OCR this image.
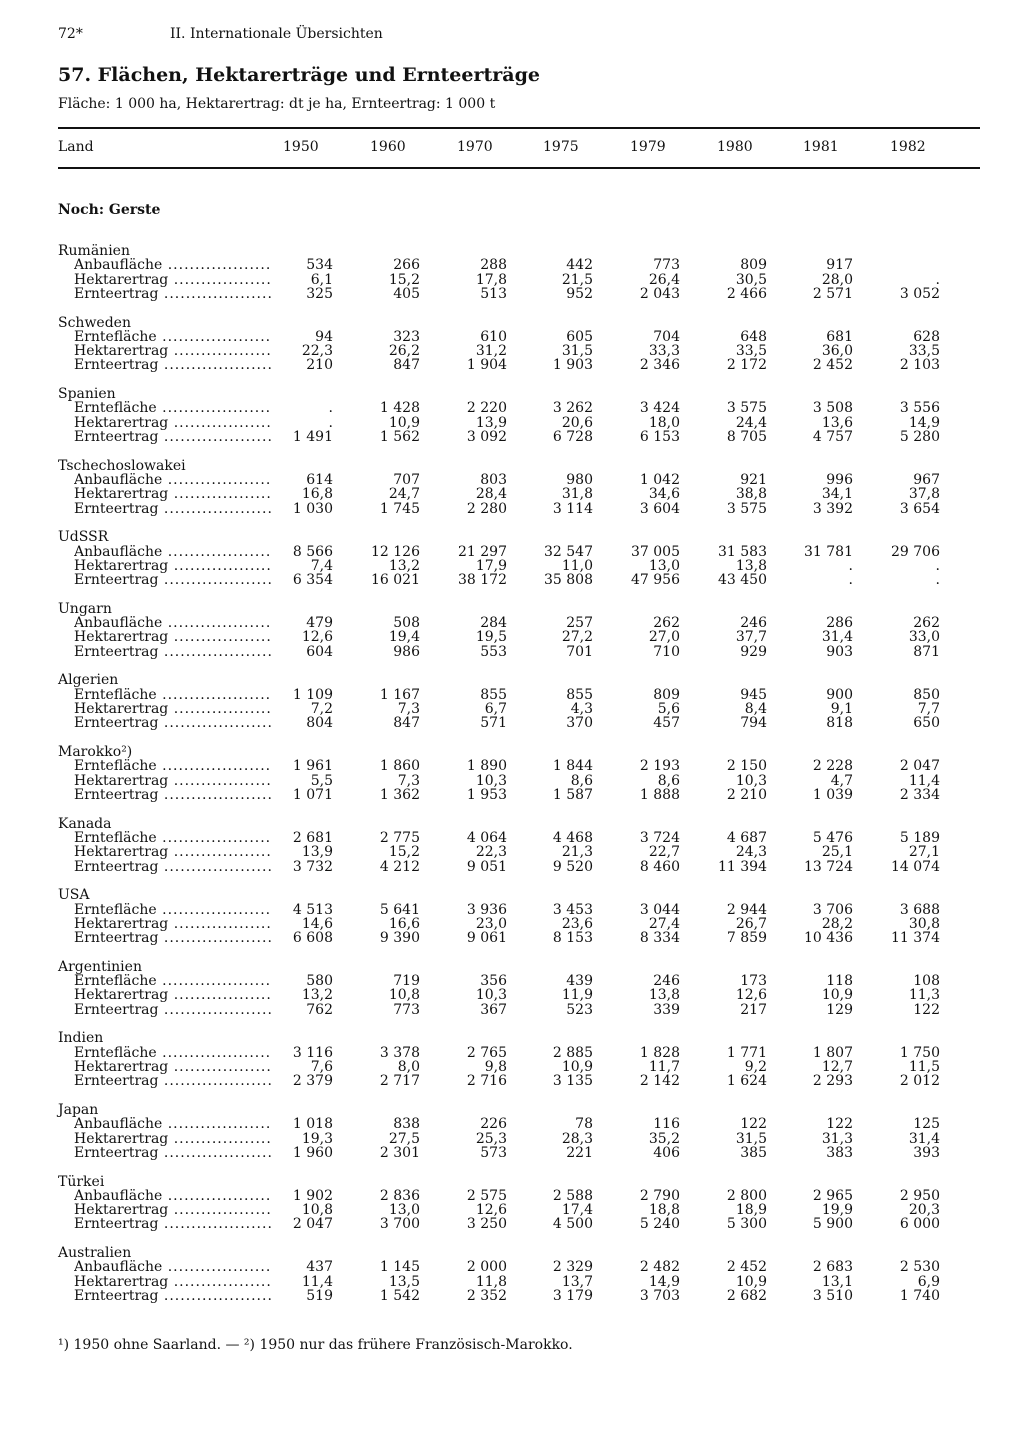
72*	II. Internationale Übersichten
57. Flächen, Hektarerträge und Ernteerträge
Fläche: 1 000 ha, Hektarertrag: dt je ha, Ernteertrag: 1 000 t
Land	1950	1960	1970	1975	1979	1980	1981	1982
Noch: Gerste
Rumänien
Anbaufläche .....	534	266	288	442	773	809	917
Hektarertrag .....	6,1	15,2	17,8	21,5	26,4	30,5	28,0	.
Ernteertrag .....	325	405	513	952	2 043	2 466	2 571	3 052
Schweden
Erntefläche .....	94	323	610	605	704	648	681	628
Hektarertrag .....	22,3	26,2	31,2	31,5	33,3	33,5	36,0	33,5
Ernteertrag .....	210	847	1 904	1 903	2 346	2 172	2 452	2 103
Spanien
Erntefläche .....	.	1 428	2 220	3 262	3 424	3 575	3 508	3 556
Hektarertrag .....	.	10,9	13,9	20,6	18,0	24,4	13,6	14,9
Ernteertrag .....	1 491	1 562	3 092	6 728	6 153	8 705	4 757	5 280
Tschechoslowakei
Anbaufläche .....	614	707	803	980	1 042	921	996	967
Hektarertrag .....	16,8	24,7	28,4	31,8	34,6	38,8	34,1	37,8
Ernteertrag .....	1 030	1 745	2 280	3 114	3 604	3 575	3 392	3 654
UdSSR
Anbaufläche .....	8 566	12 126	21 297	32 547	37 005	31 583	31 781	29 706
Hektarertrag .....	7,4	13,2	17,9	11,0	13,0	13,8	.	.
Ernteertrag .....	6 354	16 021	38 172	35 808	47 956	43 450	.	.
Ungarn
Anbaufläche .....	479	508	284	257	262	246	286	262
Hektarertrag .....	12,6	19,4	19,5	27,2	27,0	37,7	31,4	33,0
Ernteertrag .....	604	986	553	701	710	929	903	871
Algerien
Erntefläche .....	1 109	1 167	855	855	809	945	900	850
Hektarertrag .....	7,2	7,3	6,7	4,3	5,6	8,4	9,1	7,7
Ernteertrag .....	804	847	571	370	457	794	818	650
Marokko²)
Erntefläche .....	1 961	1 860	1 890	1 844	2 193	2 150	2 228	2 047
Hektarertrag .....	5,5	7,3	10,3	8,6	8,6	10,3	4,7	11,4
Ernteertrag .....	1 071	1 362	1 953	1 587	1 888	2 210	1 039	2 334
Kanada
Erntefläche .....	2 681	2 775	4 064	4 468	3 724	4 687	5 476	5 189
Hektarertrag .....	13,9	15,2	22,3	21,3	22,7	24,3	25,1	27,1
Ernteertrag .....	3 732	4 212	9 051	9 520	8 460	11 394	13 724	14 074
USA
Erntefläche .....	4 513	5 641	3 936	3 453	3 044	2 944	3 706	3 688
Hektarertrag .....	14,6	16,6	23,0	23,6	27,4	26,7	28,2	30,8
Ernteertrag .....	6 608	9 390	9 061	8 153	8 334	7 859	10 436	11 374
Argentinien
Erntefläche .....	580	719	356	439	246	173	118	108
Hektarertrag .....	13,2	10,8	10,3	11,9	13,8	12,6	10,9	11,3
Ernteertrag .....	762	773	367	523	339	217	129	122
Indien
Erntefläche .....	3 116	3 378	2 765	2 885	1 828	1 771	1 807	1 750
Hektarertrag .....	7,6	8,0	9,8	10,9	11,7	9,2	12,7	11,5
Ernteertrag .....	2 379	2 717	2 716	3 135	2 142	1 624	2 293	2 012
Japan
Anbaufläche .....	1 018	838	226	78	116	122	122	125
Hektarertrag .....	19,3	27,5	25,3	28,3	35,2	31,5	31,3	31,4
Ernteertrag .....	1 960	2 301	573	221	406	385	383	393
Türkei
Anbaufläche .....	1 902	2 836	2 575	2 588	2 790	2 800	2 965	2 950
Hektarertrag .....	10,8	13,0	12,6	17,4	18,8	18,9	19,9	20,3
Ernteertrag .....	2 047	3 700	3 250	4 500	5 240	5 300	5 900	6 000
Australien
Anbaufläche .....	437	1 145	2 000	2 329	2 482	2 452	2 683	2 530
Hektarertrag .....	11,4	13,5	11,8	13,7	14,9	10,9	13,1	6,9
Ernteertrag .....	519	1 542	2 352	3 179	3 703	2 682	3 510	1 740
¹) 1950 ohne Saarland. — ²) 1950 nur das frühere Französisch-Marokko.
